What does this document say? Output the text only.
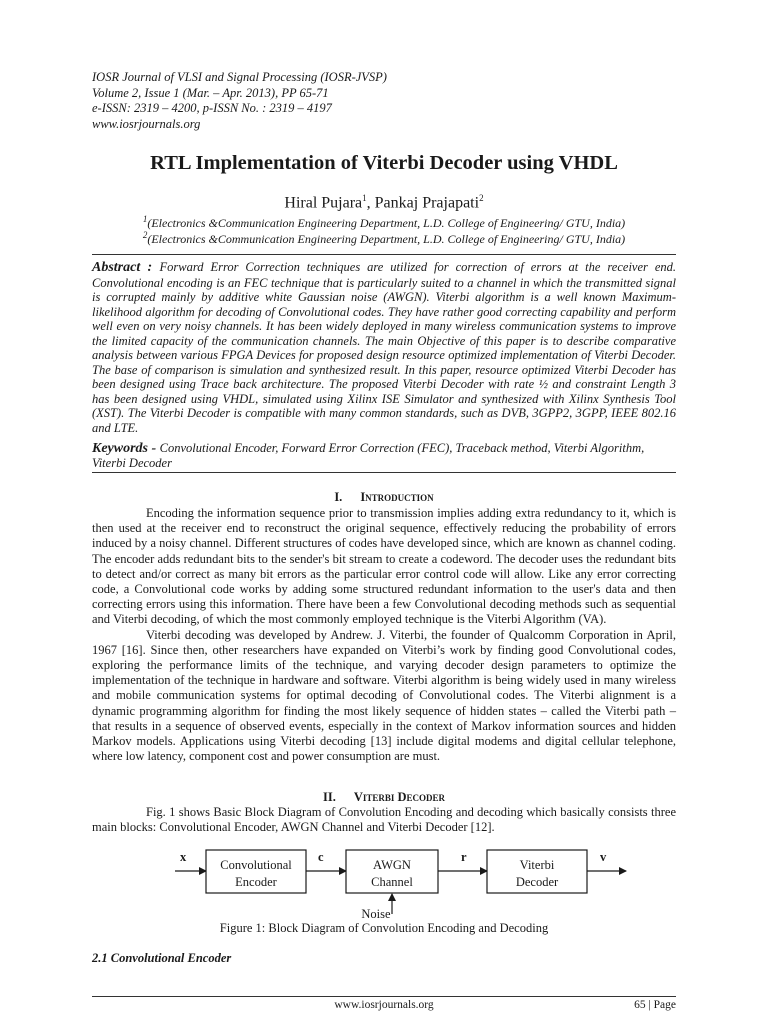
IOSR Journal of VLSI and Signal Processing (IOSR-JVSP)
Volume 2, Issue 1 (Mar. – Apr. 2013), PP 65-71
e-ISSN: 2319 – 4200, p-ISSN No. : 2319 – 4197
www.iosrjournals.org
RTL Implementation of Viterbi Decoder using VHDL
Hiral Pujara$^1$, Pankaj Prajapati$^2$
$^1$(Electronics &Communication Engineering Department, L.D. College of Engineering/ GTU, India)
$^2$(Electronics &Communication Engineering Department, L.D. College of Engineering/ GTU, India)
Abstract : Forward Error Correction techniques are utilized for correction of errors at the receiver end. Convolutional encoding is an FEC technique that is particularly suited to a channel in which the transmitted signal is corrupted mainly by additive white Gaussian noise (AWGN). Viterbi algorithm is a well known Maximum-likelihood algorithm for decoding of Convolutional codes. They have rather good correcting capability and perform well even on very noisy channels. It has been widely deployed in many wireless communication systems to improve the limited capacity of the communication channels. The main Objective of this paper is to describe comparative analysis between various FPGA Devices for proposed design resource optimized implementation of Viterbi Decoder. The base of comparison is simulation and synthesized result. In this paper, resource optimized Viterbi Decoder has been designed using Trace back architecture. The proposed Viterbi Decoder with rate ½ and constraint Length 3 has been designed using VHDL, simulated using Xilinx ISE Simulator and synthesized with Xilinx Synthesis Tool (XST). The Viterbi Decoder is compatible with many common standards, such as DVB, 3GPP2, 3GPP, IEEE 802.16 and LTE.
Keywords - Convolutional Encoder, Forward Error Correction (FEC), Traceback method, Viterbi Algorithm, Viterbi Decoder
I. Introduction

Encoding the information sequence prior to transmission implies adding extra redundancy to it, which is then used at the receiver end to reconstruct the original sequence, effectively reducing the probability of errors induced by a noisy channel. Different structures of codes have developed since, which are known as channel coding. The encoder adds redundant bits to the sender's bit stream to create a codeword. The decoder uses the redundant bits to detect and/or correct as many bit errors as the particular error control code will allow. Like any error correcting code, a Convolutional code works by adding some structured redundant information to the user's data and then correcting errors using this information. There have been a few Convolutional decoding methods such as sequential and Viterbi decoding, of which the most commonly employed technique is the Viterbi Algorithm (VA).

Viterbi decoding was developed by Andrew. J. Viterbi, the founder of Qualcomm Corporation in April, 1967 [16]. Since then, other researchers have expanded on Viterbi’s work by finding good Convolutional codes, exploring the performance limits of the technique, and varying decoder design parameters to optimize the implementation of the technique in hardware and software. Viterbi algorithm is being widely used in many wireless and mobile communication systems for optimal decoding of Convolutional codes. The Viterbi alignment is a dynamic programming algorithm for finding the most likely sequence of hidden states – called the Viterbi path – that results in a sequence of observed events, especially in the context of Markov information sources and hidden Markov models. Applications using Viterbi decoding [13] include digital modems and digital cellular telephone, where low latency, component cost and power consumption are must.

II. Viterbi Decoder

Fig. 1 shows Basic Block Diagram of Convolution Encoding and decoding which basically consists three main blocks: Convolutional Encoder, AWGN Channel and Viterbi Decoder [12].

x
Convolutional
Encoder
c
AWGN
Channel
r
Viterbi
Decoder
v
Noise
Figure 1: Block Diagram of Convolution Encoding and Decoding
2.1 Convolutional Encoder
www.iosrjournals.org	65 | Page
